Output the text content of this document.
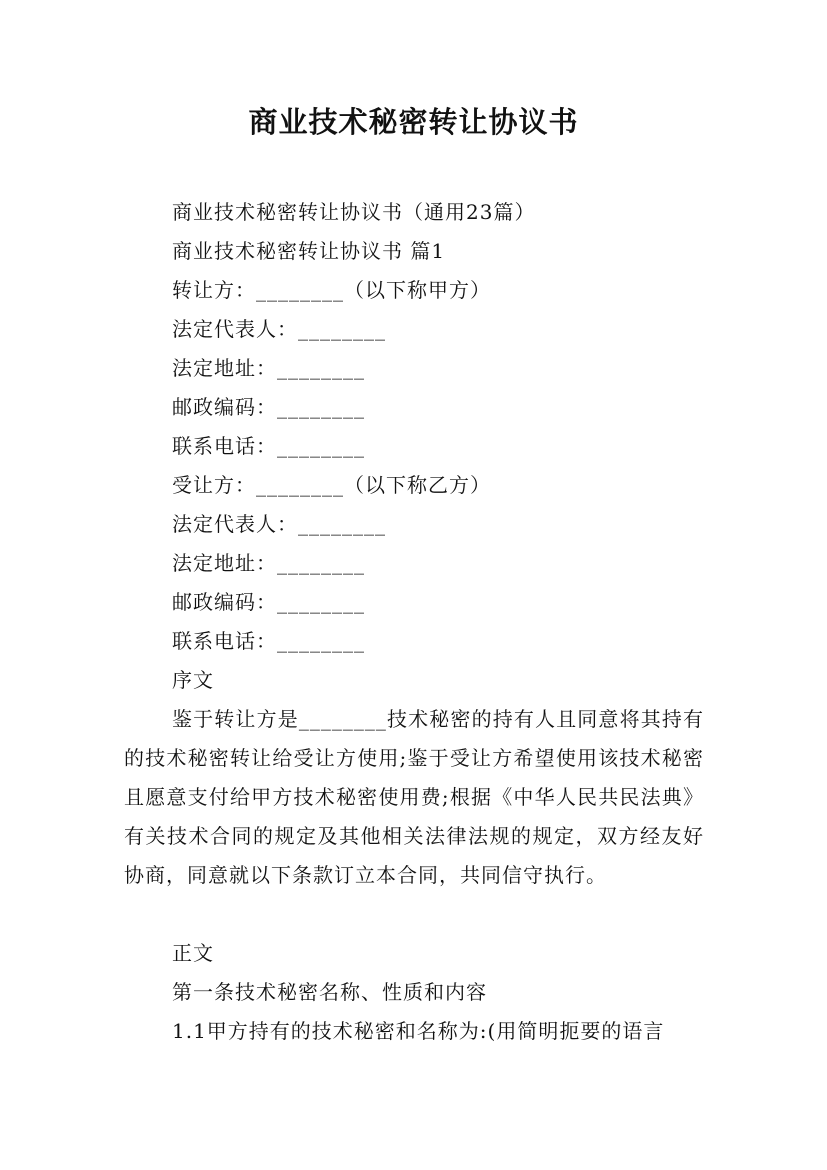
商业技术秘密转让协议书

商业技术秘密转让协议书（通用23篇）

商业技术秘密转让协议书 篇1

转让方：________（以下称甲方）

法定代表人：________

法定地址：________

邮政编码：________

联系电话：________

受让方：________（以下称乙方）

法定代表人：________

法定地址：________

邮政编码：________

联系电话：________

序文

鉴于转让方是________技术秘密的持有人且同意将其持有的技术秘密转让给受让方使用;鉴于受让方希望使用该技术秘密且愿意支付给甲方技术秘密使用费;根据《中华人民共民法典》有关技术合同的规定及其他相关法律法规的规定，双方经友好协商，同意就以下条款订立本合同，共同信守执行。

正文

第一条技术秘密名称、性质和内容

1.1甲方持有的技术秘密和名称为:(用简明扼要的语言
